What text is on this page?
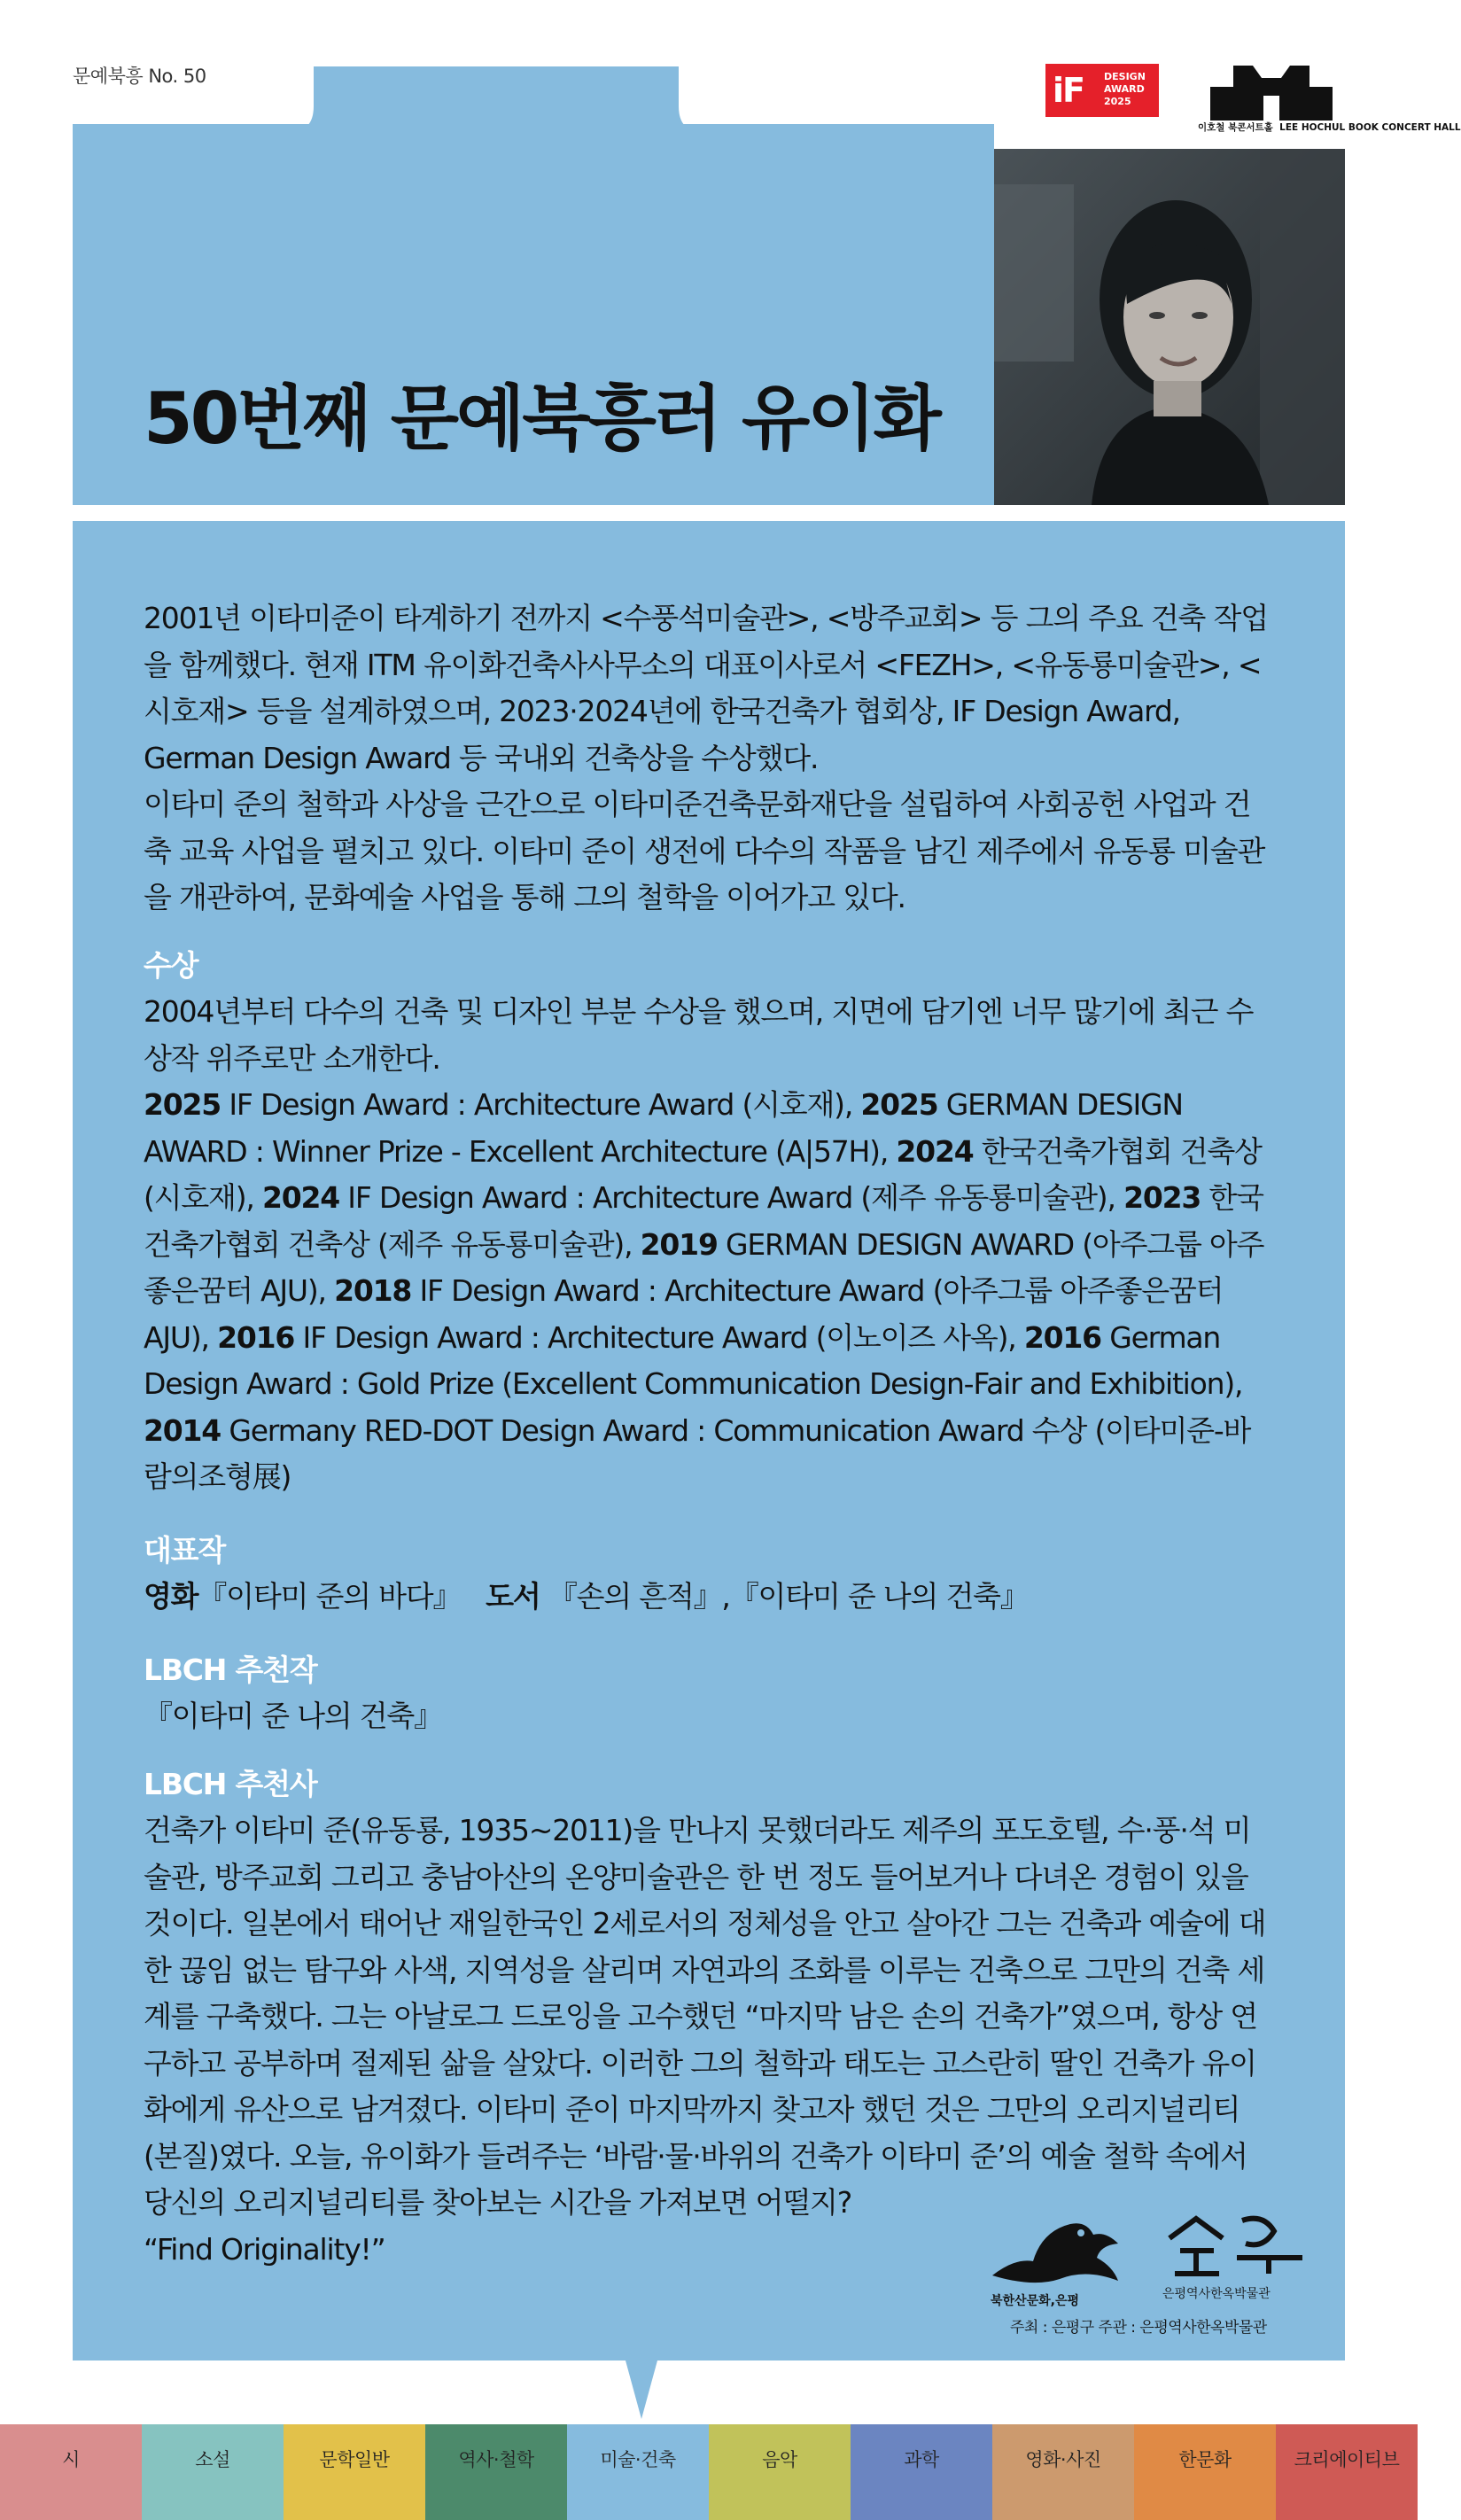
문예북흥 No. 50
50번째 문예북흥러 유이화
iF DESIGN
AWARD
2025
이호철 북콘서트홀 LEE HOCHUL BOOK CONCERT HALL

2001년 이타미준이 타계하기 전까지 <수풍석미술관>, <방주교회> 등 그의 주요 건축 작업을 함께했다. 현재 ITM 유이화건축사사무소의 대표이사로서 <FEZH>, <유동룡미술관>, <시호재> 등을 설계하였으며, 2023·2024년에 한국건축가 협회상, IF Design Award, German Design Award 등 국내외 건축상을 수상했다.

이타미 준의 철학과 사상을 근간으로 이타미준건축문화재단을 설립하여 사회공헌 사업과 건축 교육 사업을 펼치고 있다. 이타미 준이 생전에 다수의 작품을 남긴 제주에서 유동룡 미술관을 개관하여, 문화예술 사업을 통해 그의 철학을 이어가고 있다.

수상

2004년부터 다수의 건축 및 디자인 부분 수상을 했으며, 지면에 담기엔 너무 많기에 최근 수상작 위주로만 소개한다.

2025 IF Design Award : Architecture Award (시호재), 2025 GERMAN DESIGN AWARD : Winner Prize - Excellent Architecture (A|57H), 2024 한국건축가협회 건축상 (시호재), 2024 IF Design Award : Architecture Award (제주 유동룡미술관), 2023 한국건축가협회 건축상 (제주 유동룡미술관), 2019 GERMAN DESIGN AWARD (아주그룹 아주좋은꿈터 AJU), 2018 IF Design Award : Architecture Award (아주그룹 아주좋은꿈터 AJU), 2016 IF Design Award : Architecture Award (이노이즈 사옥), 2016 German Design Award : Gold Prize (Excellent Communication Design-Fair and Exhibition), 2014 Germany RED-DOT Design Award : Communication Award 수상 (이타미준-바람의조형展)

대표작

영화『이타미 준의 바다』 도서 『손의 흔적』,『이타미 준 나의 건축』

LBCH 추천작

『이타미 준 나의 건축』

LBCH 추천사

건축가 이타미 준(유동룡, 1935~2011)을 만나지 못했더라도 제주의 포도호텔, 수·풍·석 미술관, 방주교회 그리고 충남아산의 온양미술관은 한 번 정도 들어보거나 다녀온 경험이 있을 것이다. 일본에서 태어난 재일한국인 2세로서의 정체성을 안고 살아간 그는 건축과 예술에 대한 끊임 없는 탐구와 사색, 지역성을 살리며 자연과의 조화를 이루는 건축으로 그만의 건축 세계를 구축했다. 그는 아날로그 드로잉을 고수했던 “마지막 남은 손의 건축가”였으며, 항상 연구하고 공부하며 절제된 삶을 살았다. 이러한 그의 철학과 태도는 고스란히 딸인 건축가 유이화에게 유산으로 남겨졌다. 이타미 준이 마지막까지 찾고자 했던 것은 그만의 오리지널리티(본질)였다. 오늘, 유이화가 들려주는 ‘바람·물·바위의 건축가 이타미 준’의 예술 철학 속에서 당신의 오리지널리티를 찾아보는 시간을 가져보면 어떨지?

“Find Originality!”

북한산문화,은평	은평역사한옥박물관
주최 : 은평구 주관 : 은평역사한옥박물관
시	소설	문학일반	역사·철학	미술·건축	음악	과학	영화·사진	한문화	크리에이티브
